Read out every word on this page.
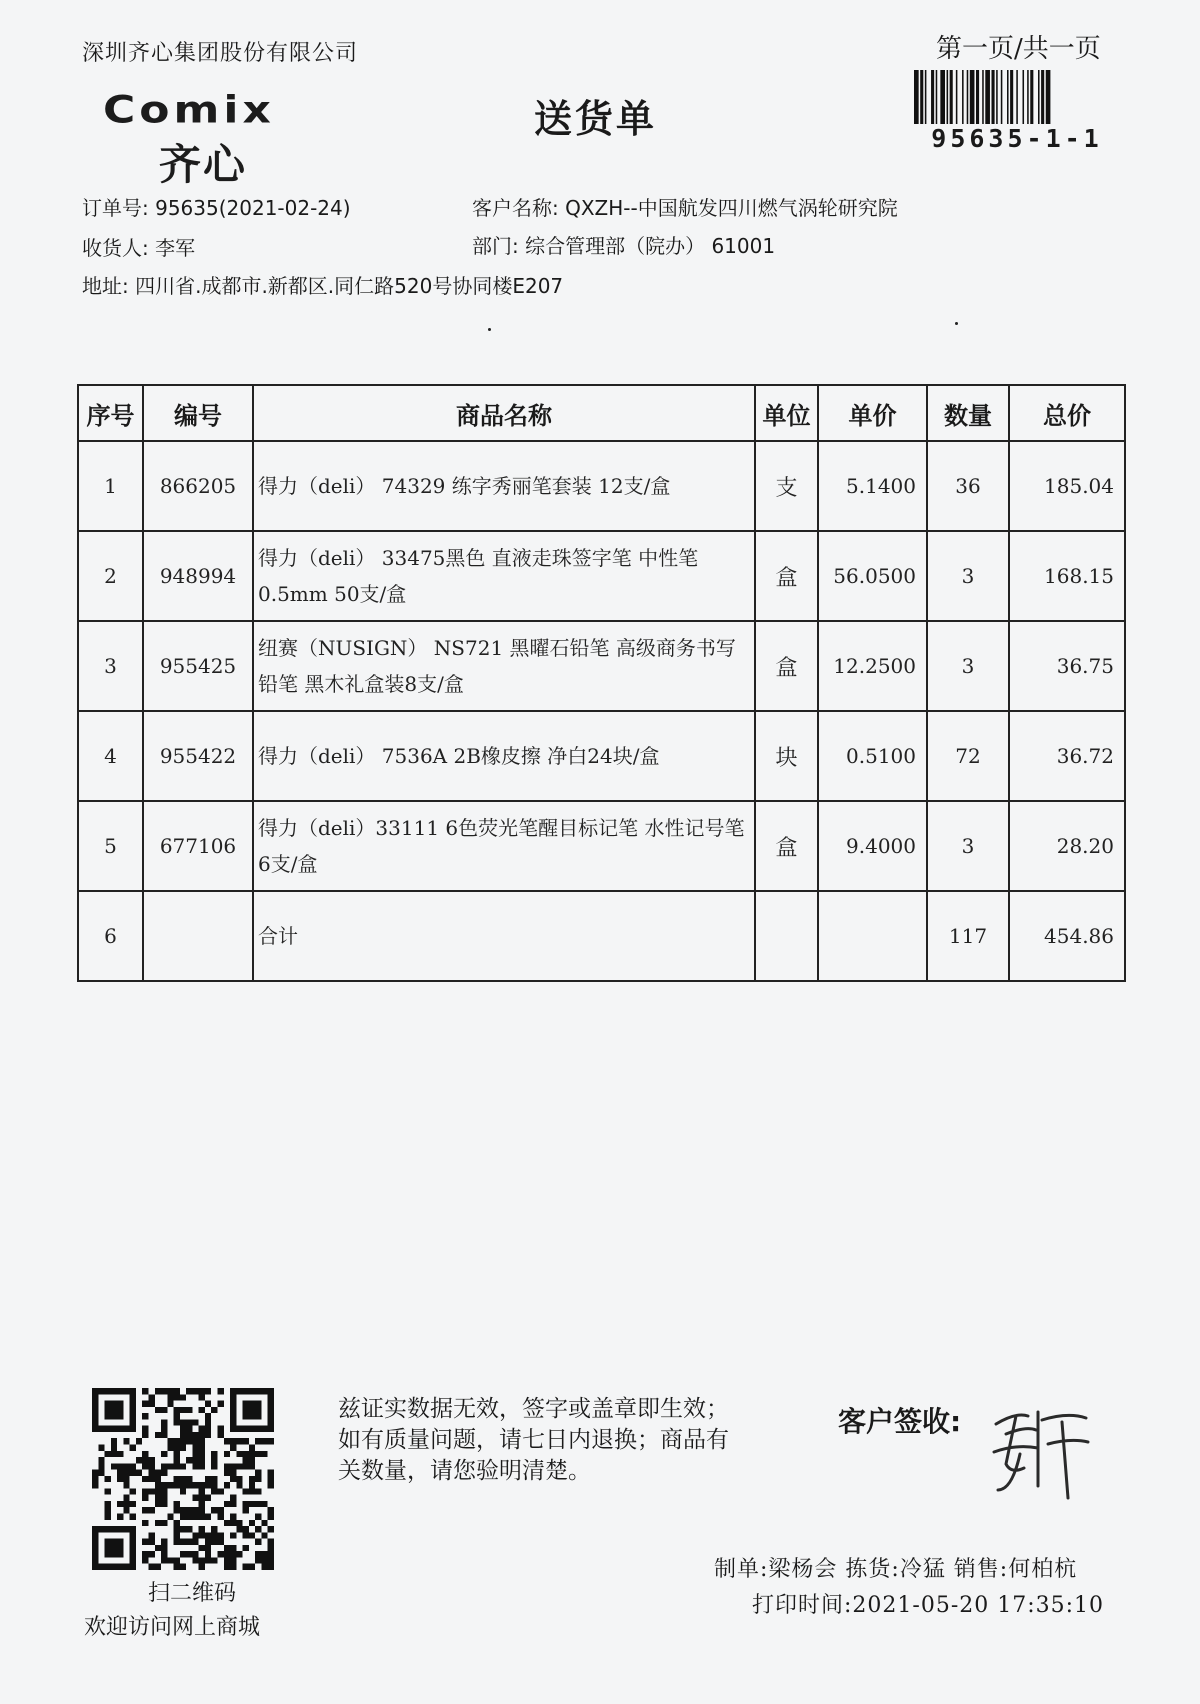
深圳齐心集团股份有限公司
Comix
齐心
送货单
第一页/共一页
95635-1-1
订单号: 95635(2021-02-24)	客户名称: QXZH--中国航发四川燃气涡轮研究院
收货人: 李军	部门: 综合管理部（院办） 61001
地址: 四川省.成都市.新都区.同仁路520号协同楼E207
序号	编号	商品名称	单位	单价	数量	总价
1	866205	得力（deli） 74329 练字秀丽笔套装 12支/盒	支	5.1400	36	185.04
2	948994	得力（deli） 33475黑色 直液走珠签字笔 中性笔 0.5mm 50支/盒	盒	56.0500	3	168.15
3	955425	纽赛（NUSIGN） NS721 黑曜石铅笔 高级商务书写铅笔 黑木礼盒装8支/盒	盒	12.2500	3	36.75
4	955422	得力（deli） 7536A 2B橡皮擦 净白24块/盒	块	0.5100	72	36.72
5	677106	得力（deli）33111 6色荧光笔醒目标记笔 水性记号笔 6支/盒	盒	9.4000	3	28.20
6		合计			117	454.86
扫二维码
欢迎访问网上商城
兹证实数据无效，签字或盖章即生效；如有质量问题，请七日内退换；商品有关数量，请您验明清楚。
客户签收:
制单:梁杨会 拣货:冷猛 销售:何柏杭
打印时间:2021-05-20 17:35:10
